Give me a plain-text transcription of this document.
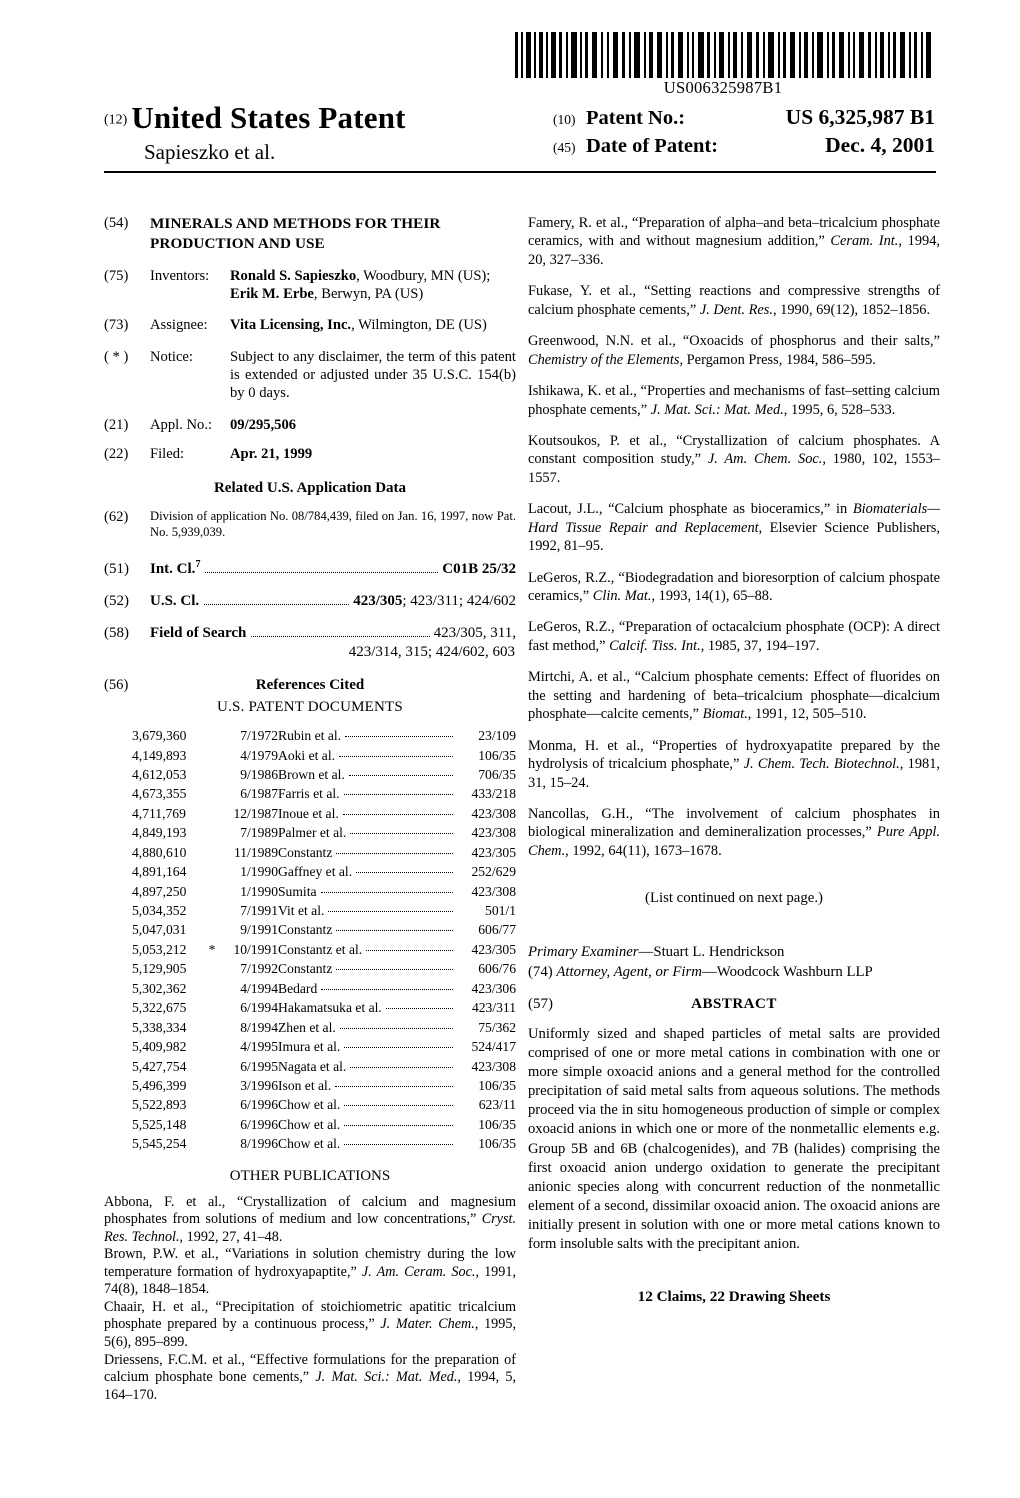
US006325987B1
(12) United States Patent
Sapieszko et al.
(10) Patent No.:	US 6,325,987 B1
(45) Date of Patent:	Dec. 4, 2001
(54)	MINERALS AND METHODS FOR THEIR PRODUCTION AND USE
(75)	Inventors:	Ronald S. Sapieszko, Woodbury, MN (US); Erik M. Erbe, Berwyn, PA (US)
(73)	Assignee:	Vita Licensing, Inc., Wilmington, DE (US)
( * )	Notice:	Subject to any disclaimer, the term of this patent is extended or adjusted under 35 U.S.C. 154(b) by 0 days.
(21)	Appl. No.:	09/295,506
(22)	Filed:	Apr. 21, 1999
Related U.S. Application Data
(62)	Division of application No. 08/784,439, filed on Jan. 16, 1997, now Pat. No. 5,939,039.
(51)	Int. Cl.$^7$	C01B 25/32
(52)	U.S. Cl.	423/305; 423/311; 424/602
(58)	Field of Search	423/305, 311,
423/314, 315; 424/602, 603
(56)	References Cited
U.S. PATENT DOCUMENTS
3,679,360		7/1972	Rubin et al.	23/109
4,149,893		4/1979	Aoki et al.	106/35
4,612,053		9/1986	Brown et al.	706/35
4,673,355		6/1987	Farris et al.	433/218
4,711,769		12/1987	Inoue et al.	423/308
4,849,193		7/1989	Palmer et al.	423/308
4,880,610		11/1989	Constantz	423/305
4,891,164		1/1990	Gaffney et al.	252/629
4,897,250		1/1990	Sumita	423/308
5,034,352		7/1991	Vit et al.	501/1
5,047,031		9/1991	Constantz	606/77
5,053,212	*	10/1991	Constantz et al.	423/305
5,129,905		7/1992	Constantz	606/76
5,302,362		4/1994	Bedard	423/306
5,322,675		6/1994	Hakamatsuka et al.	423/311
5,338,334		8/1994	Zhen et al.	75/362
5,409,982		4/1995	Imura et al.	524/417
5,427,754		6/1995	Nagata et al.	423/308
5,496,399		3/1996	Ison et al.	106/35
5,522,893		6/1996	Chow et al.	623/11
5,525,148		6/1996	Chow et al.	106/35
5,545,254		8/1996	Chow et al.	106/35
OTHER PUBLICATIONS

Abbona, F. et al., “Crystallization of calcium and magnesium phosphates from solutions of medium and low concentrations,” Cryst. Res. Technol., 1992, 27, 41–48.

Brown, P.W. et al., “Variations in solution chemistry during the low temperature formation of hydroxyapaptite,” J. Am. Ceram. Soc., 1991, 74(8), 1848–1854.

Chaair, H. et al., “Precipitation of stoichiometric apatitic tricalcium phosphate prepared by a continuous process,” J. Mater. Chem., 1995, 5(6), 895–899.

Driessens, F.C.M. et al., “Effective formulations for the preparation of calcium phosphate bone cements,” J. Mat. Sci.: Mat. Med., 1994, 5, 164–170.

Famery, R. et al., “Preparation of alpha–and beta–tricalcium phosphate ceramics, with and without magnesium addition,” Ceram. Int., 1994, 20, 327–336.

Fukase, Y. et al., “Setting reactions and compressive strengths of calcium phosphate cements,” J. Dent. Res., 1990, 69(12), 1852–1856.

Greenwood, N.N. et al., “Oxoacids of phosphorus and their salts,” Chemistry of the Elements, Pergamon Press, 1984, 586–595.

Ishikawa, K. et al., “Properties and mechanisms of fast–setting calcium phosphate cements,” J. Mat. Sci.: Mat. Med., 1995, 6, 528–533.

Koutsoukos, P. et al., “Crystallization of calcium phosphates. A constant composition study,” J. Am. Chem. Soc., 1980, 102, 1553–1557.

Lacout, J.L., “Calcium phosphate as bioceramics,” in Biomaterials—Hard Tissue Repair and Replacement, Elsevier Science Publishers, 1992, 81–95.

LeGeros, R.Z., “Biodegradation and bioresorption of calcium phospate ceramics,” Clin. Mat., 1993, 14(1), 65–88.

LeGeros, R.Z., “Preparation of octacalcium phosphate (OCP): A direct fast method,” Calcif. Tiss. Int., 1985, 37, 194–197.

Mirtchi, A. et al., “Calcium phosphate cements: Effect of fluorides on the setting and hardening of beta–tricalcium phosphate—dicalcium phosphate—calcite cements,” Biomat., 1991, 12, 505–510.

Monma, H. et al., “Properties of hydroxyapatite prepared by the hydrolysis of tricalcium phosphate,” J. Chem. Tech. Biotechnol., 1981, 31, 15–24.

Nancollas, G.H., “The involvement of calcium phosphates in biological mineralization and demineralization processes,” Pure Appl. Chem., 1992, 64(11), 1673–1678.

(List continued on next page.)
Primary Examiner—Stuart L. Hendrickson
(74) Attorney, Agent, or Firm—Woodcock Washburn LLP
(57)	ABSTRACT
Uniformly sized and shaped particles of metal salts are provided comprised of one or more metal cations in combination with one or more simple oxoacid anions and a general method for the controlled precipitation of said metal salts from aqueous solutions. The methods proceed via the in situ homogeneous production of simple or complex oxoacid anions in which one or more of the nonmetallic elements e.g. Group 5B and 6B (chalcogenides), and 7B (halides) comprising the first oxoacid anion undergo oxidation to generate the precipitant anionic species along with concurrent reduction of the nonmetallic element of a second, dissimilar oxoacid anion. The oxoacid anions are initially present in solution with one or more metal cations known to form insoluble salts with the precipitant anion.
12 Claims, 22 Drawing Sheets
